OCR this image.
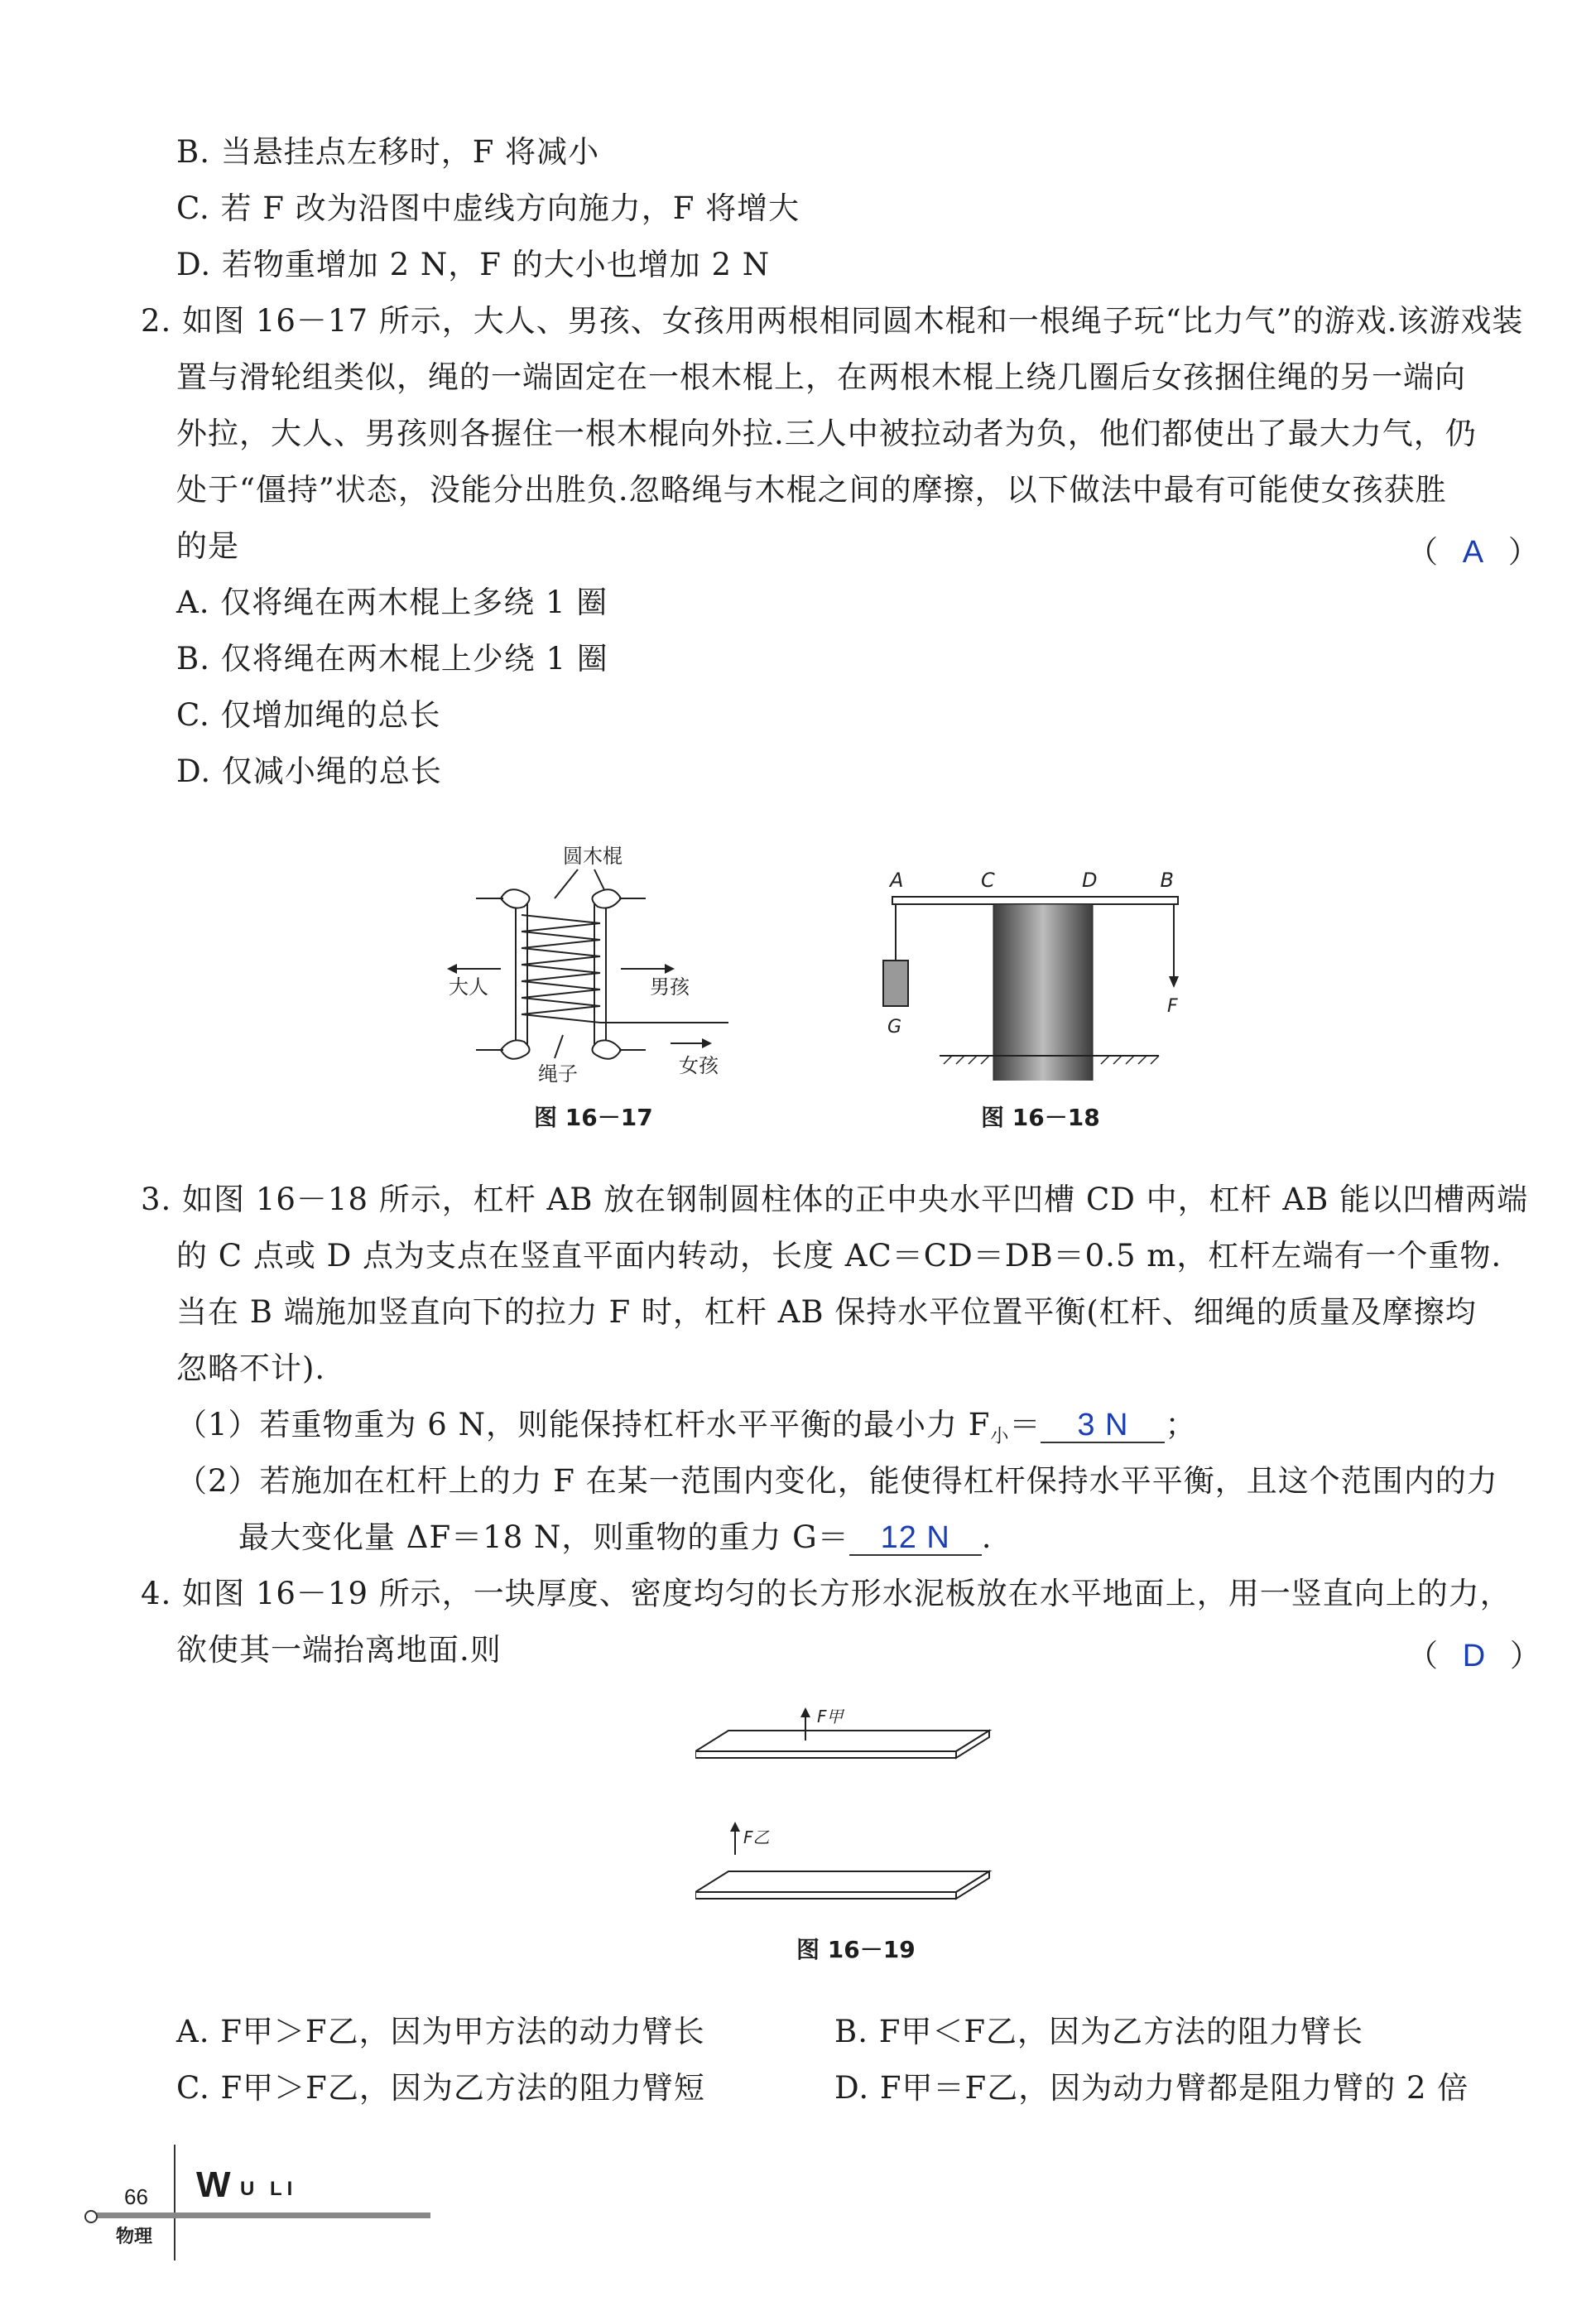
B. 当悬挂点左移时，F 将减小
C. 若 F 改为沿图中虚线方向施力，F 将增大
D. 若物重增加 2 N，F 的大小也增加 2 N
2. 如图 16－17 所示，大人、男孩、女孩用两根相同圆木棍和一根绳子玩“比力气”的游戏.该游戏装
置与滑轮组类似，绳的一端固定在一根木棍上，在两根木棍上绕几圈后女孩捆住绳的另一端向
外拉，大人、男孩则各握住一根木棍向外拉.三人中被拉动者为负，他们都使出了最大力气，仍
处于“僵持”状态，没能分出胜负.忽略绳与木棍之间的摩擦，以下做法中最有可能使女孩获胜
的是	（ A ）
A. 仅将绳在两木棍上多绕 1 圈
B. 仅将绳在两木棍上少绕 1 圈
C. 仅增加绳的总长
D. 仅减小绳的总长
圆木棍
大人	男孩
绳子	女孩
图 16－17
A	C	D	B
G
F
图 16－18
3. 如图 16－18 所示，杠杆 AB 放在钢制圆柱体的正中央水平凹槽 CD 中，杠杆 AB 能以凹槽两端
的 C 点或 D 点为支点在竖直平面内转动，长度 AC＝CD＝DB＝0.5 m，杠杆左端有一个重物.
当在 B 端施加竖直向下的拉力 F 时，杠杆 AB 保持水平位置平衡(杠杆、细绳的质量及摩擦均
忽略不计).
（1）若重物重为 6 N，则能保持杠杆水平平衡的最小力 $F_小= 3$ N ；
（2）若施加在杠杆上的力 F 在某一范围内变化，能使得杠杆保持水平平衡，且这个范围内的力
最大变化量 ΔF＝18 N，则重物的重力 G＝ 12 N .
4. 如图 16－19 所示，一块厚度、密度均匀的长方形水泥板放在水平地面上，用一竖直向上的力，
欲使其一端抬离地面.则	（ D ）
F甲
F乙
图 16－19
A. F甲＞F乙，因为甲方法的动力臂长	B. F甲＜F乙，因为乙方法的阻力臂长
C. F甲＞F乙，因为乙方法的阻力臂短	D. F甲＝F乙，因为动力臂都是阻力臂的 2 倍
66
物理
W U LI
